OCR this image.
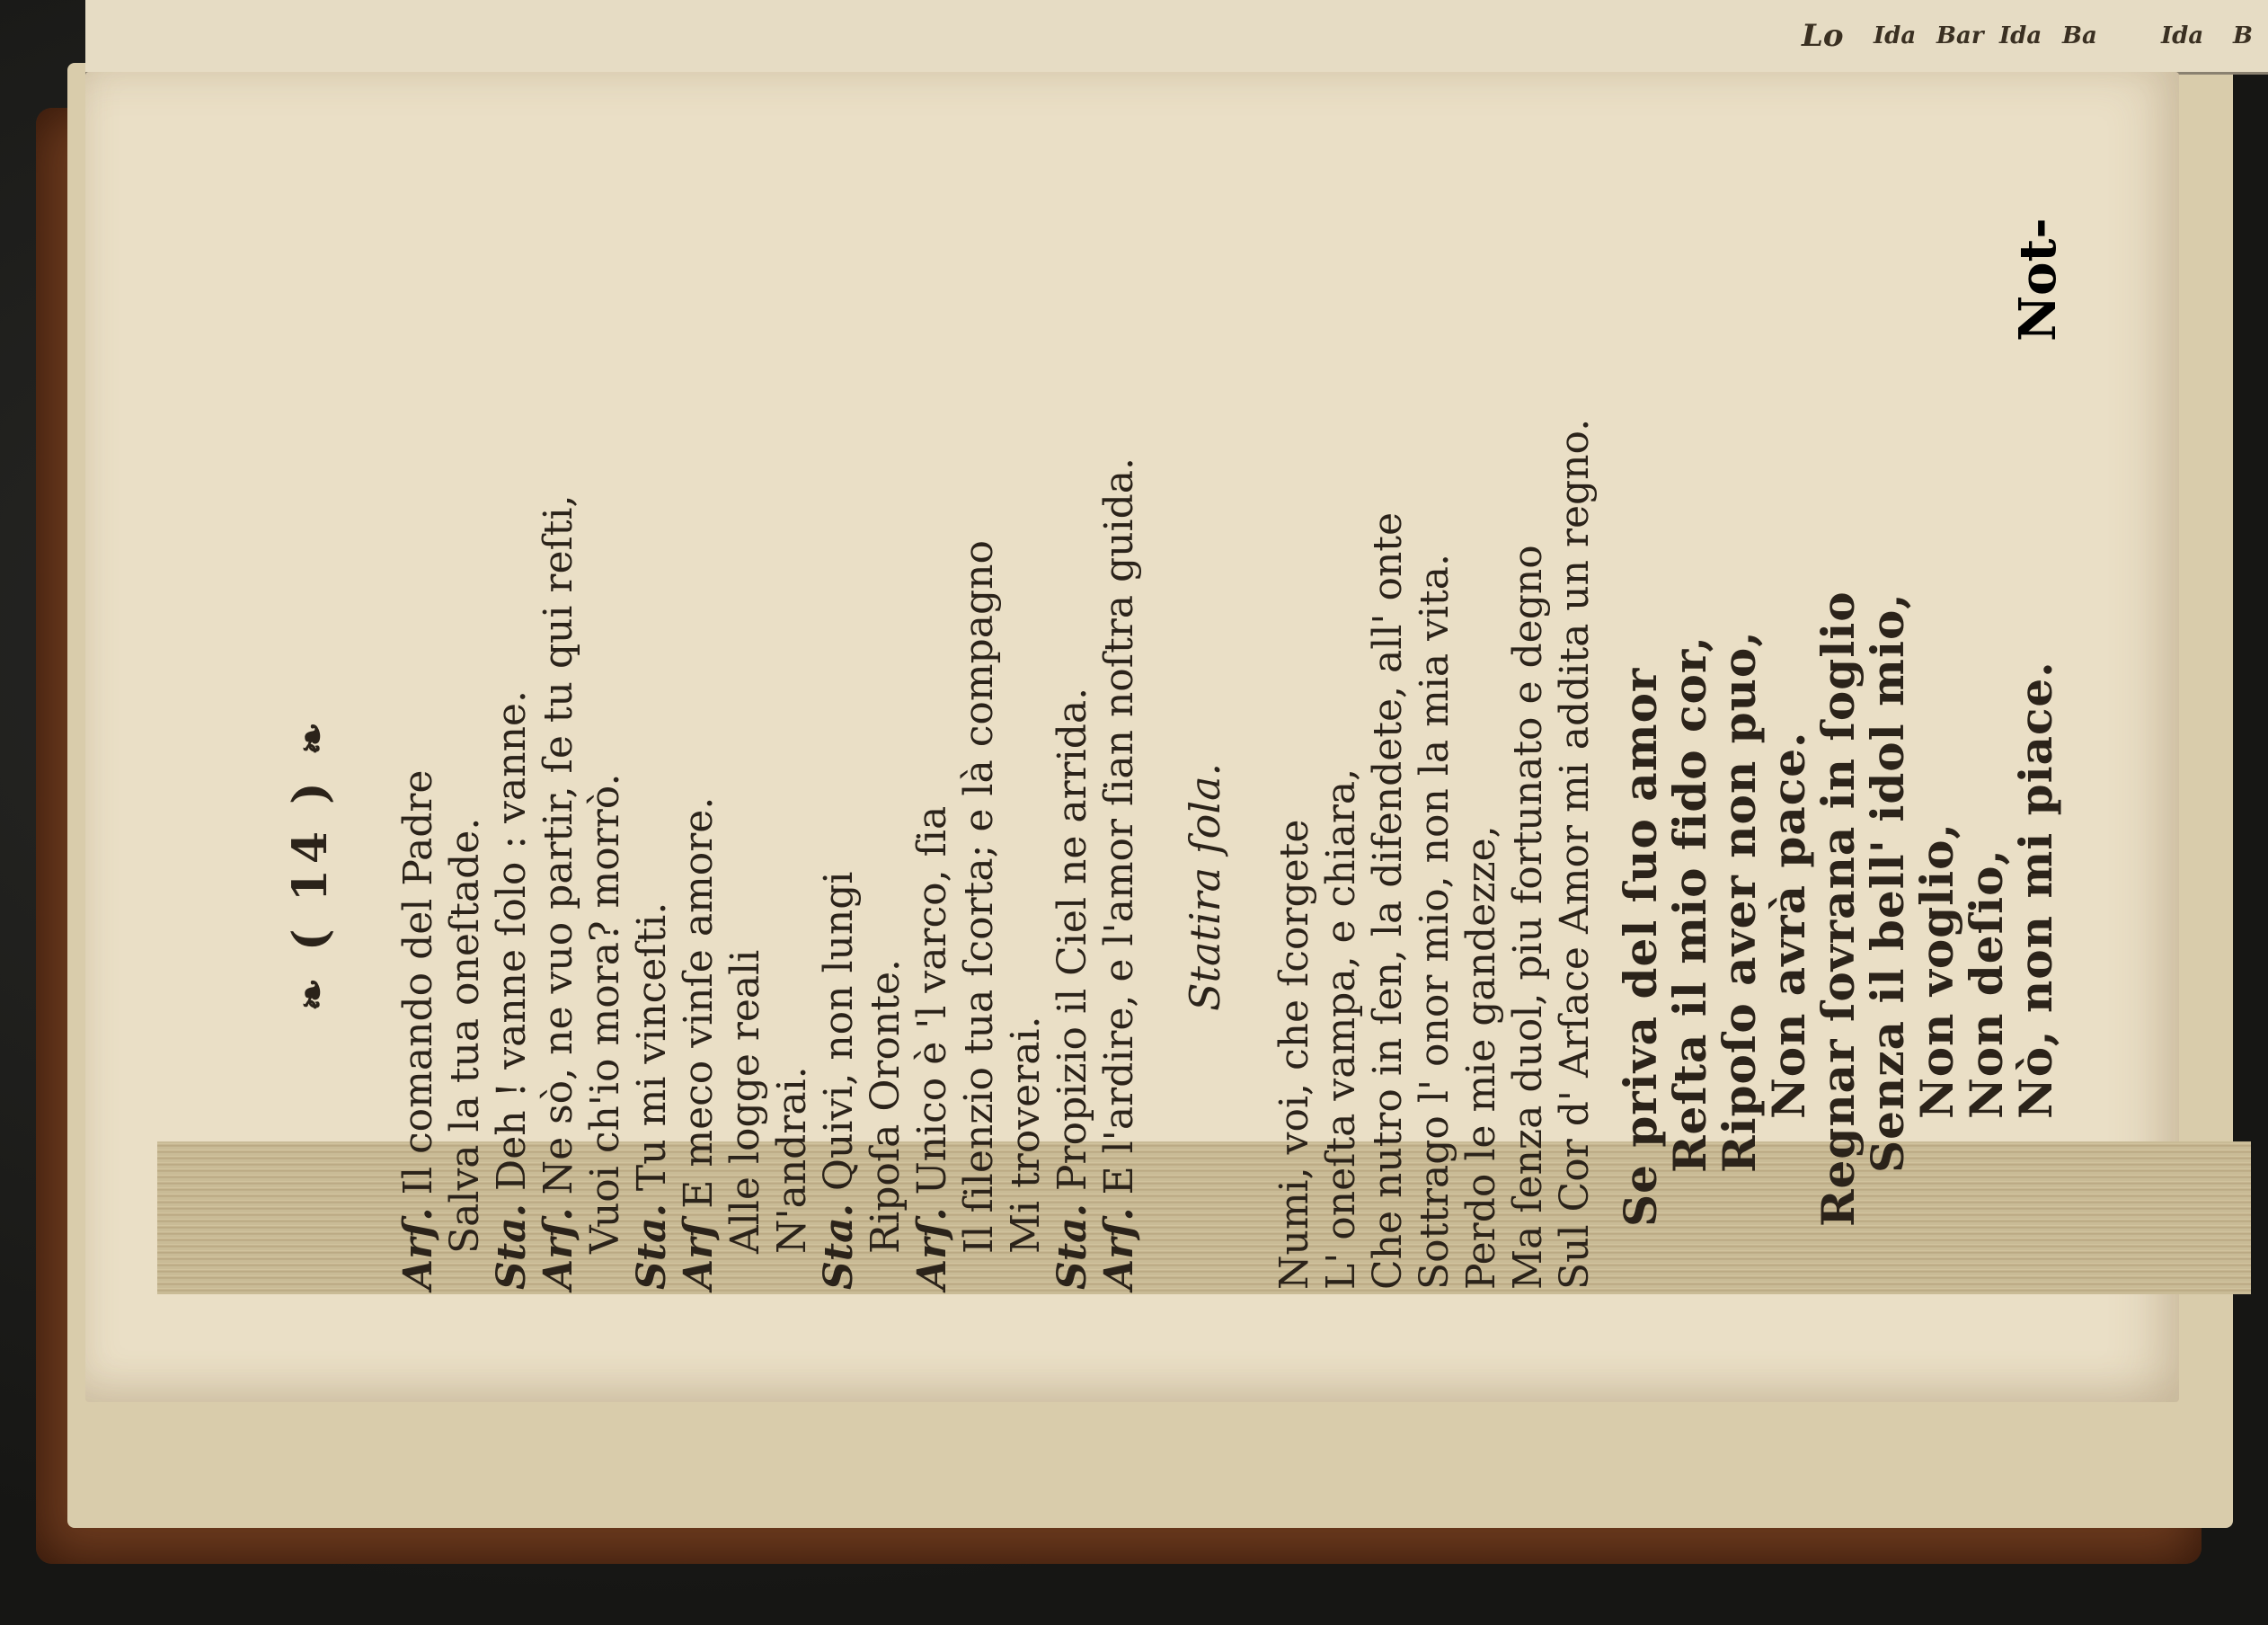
Lo Ida Bar Ida Ba	Ida B
❧ ( 14 ) ❧
Arſ. Il comando del Padre Salva la tua oneſtade. Sta. Deh ! vanne ſolo : vanne.
Arſ. Ne sò, ne vuo partir, ſe tu qui reſti, Vuoi ch'io mora? morrò. Sta. Tu mi vinceſti.
Arſ E meco vinſe amore. Alle logge reali N'andrai. Sta. Quivi, non lungi Ripoſa Oronte. Arſ. Unico è 'l varco, ſia Il ſilenzio tua ſcorta; e là compagno Mi troverai. Sta. Propizio il Ciel ne arrida.
Arſ. E l'ardire, e l'amor ſian noſtra guida. Statira ſola. Numi, voi, che ſcorgete L' oneſta vampa, e chiara, Che nutro in ſen, la difendete, all' onte Sottrago l' onor mio, non la mia vita. Perdo le mie gandezze, Ma ſenza duol, piu fortunato e degno Sul Cor d' Arſace Amor mi addita un regno. Se priva del ſuo amor
Reſta il mio fido cor,
Ripoſo aver non puo,
Non avrà pace.
Regnar ſovrana in ſoglio
Senza il bell' idol mio,
Non voglio,
Non deſio,
Nò, non mi piace.
Not-
